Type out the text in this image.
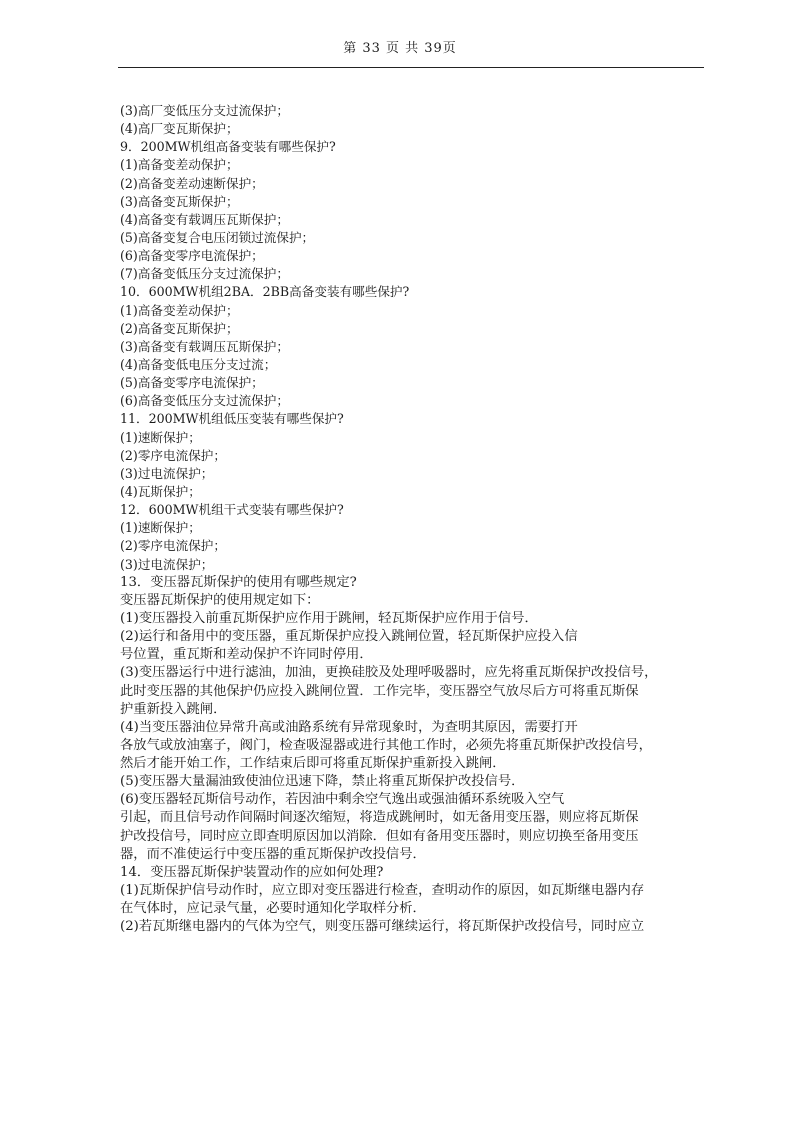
第 33 页 共 39页
(3)高厂变低压分支过流保护；
(4)高厂变瓦斯保护；
9．200MW机组高备变装有哪些保护?
(1)高备变差动保护；
(2)高备变差动速断保护；
(3)高备变瓦斯保护；
(4)高备变有载调压瓦斯保护；
(5)高备变复合电压闭锁过流保护；
(6)高备变零序电流保护；
(7)高备变低压分支过流保护；
10．600MW机组2BA．2BB高备变装有哪些保护?
(1)高备变差动保护；
(2)高备变瓦斯保护；
(3)高备变有载调压瓦斯保护；
(4)高备变低电压分支过流；
(5)高备变零序电流保护；
(6)高备变低压分支过流保护；
11．200MW机组低压变装有哪些保护?
(1)速断保护；
(2)零序电流保护；
(3)过电流保护；
(4)瓦斯保护；
12．600MW机组干式变装有哪些保护?
(1)速断保护；
(2)零序电流保护；
(3)过电流保护；
13．变压器瓦斯保护的使用有哪些规定?
变压器瓦斯保护的使用规定如下：
(1)变压器投入前重瓦斯保护应作用于跳闸，轻瓦斯保护应作用于信号．
(2)运行和备用中的变压器，重瓦斯保护应投入跳闸位置，轻瓦斯保护应投入信
号位置，重瓦斯和差动保护不许同时停用．
(3)变压器运行中进行滤油，加油，更换硅胶及处理呼吸器时，应先将重瓦斯保护改投信号，
此时变压器的其他保护仍应投入跳闸位置．工作完毕，变压器空气放尽后方可将重瓦斯保
护重新投入跳闸．
(4)当变压器油位异常升高或油路系统有异常现象时，为查明其原因，需要打开
各放气或放油塞子，阀门，检查吸湿器或进行其他工作时，必须先将重瓦斯保护改投信号，
然后才能开始工作，工作结束后即可将重瓦斯保护重新投入跳闸．
(5)变压器大量漏油致使油位迅速下降，禁止将重瓦斯保护改投信号．
(6)变压器轻瓦斯信号动作，若因油中剩余空气逸出或强油循环系统吸入空气
引起，而且信号动作间隔时间逐次缩短，将造成跳闸时，如无备用变压器，则应将瓦斯保
护改投信号，同时应立即查明原因加以消除．但如有备用变压器时，则应切换至备用变压
器，而不准使运行中变压器的重瓦斯保护改投信号．
14．变压器瓦斯保护装置动作的应如何处理?
(1)瓦斯保护信号动作时，应立即对变压器进行检查，查明动作的原因，如瓦斯继电器内存
在气体时，应记录气量，必要时通知化学取样分析．
(2)若瓦斯继电器内的气体为空气，则变压器可继续运行，将瓦斯保护改投信号，同时应立
